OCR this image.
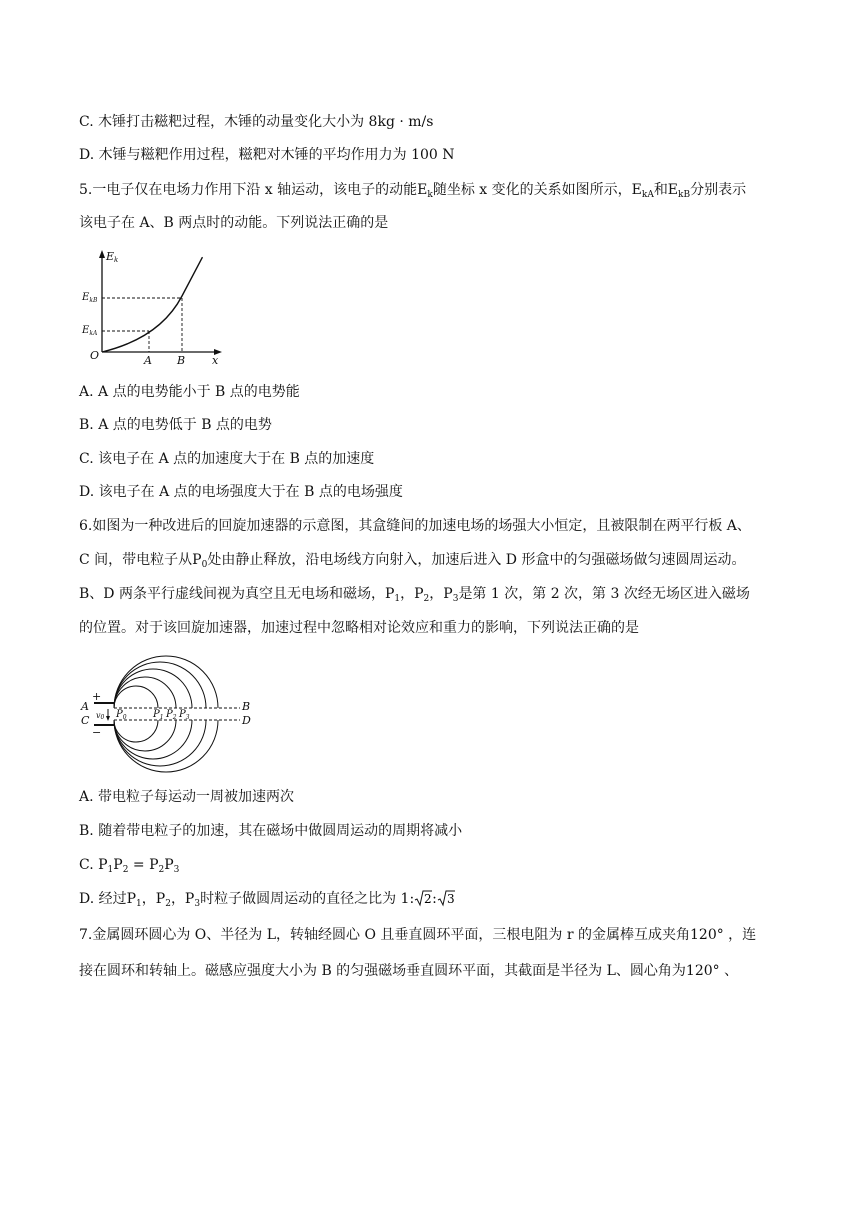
C. 木锤打击糍粑过程，木锤的动量变化大小为 8kg · m/s
D. 木锤与糍粑作用过程，糍粑对木锤的平均作用力为 100 N
5.一电子仅在电场力作用下沿 x 轴运动，该电子的动能$E_k$随坐标 x 变化的关系如图所示，$E_{kA}$和$E_{kB}$分别表示
该电子在 A、B 两点时的动能。下列说法正确的是
Ek
$E_{kB}$
$E_{kA}$
O	A B x
A. A 点的电势能小于 B 点的电势能
B. A 点的电势低于 B 点的电势
C. 该电子在 A 点的加速度大于在 B 点的加速度
D. 该电子在 A 点的电场强度大于在 B 点的电场强度
6.如图为一种改进后的回旋加速器的示意图，其盒缝间的加速电场的场强大小恒定，且被限制在两平行板 A、
C 间，带电粒子从$P_0$处由静止释放，沿电场线方向射入，加速后进入 D 形盒中的匀强磁场做匀速圆周运动。
B、D 两条平行虚线间视为真空且无电场和磁场，$P_1$，$P_2$，$P_3$是第 1 次，第 2 次，第 3 次经无场区进入磁场
的位置。对于该回旋加速器，加速过程中忽略相对论效应和重力的影响，下列说法正确的是
+
−
A
C
B
D
v0 $P_0$	$P_1$ $P_2$ $P_3$
A. 带电粒子每运动一周被加速两次
B. 随着带电粒子的加速，其在磁场中做圆周运动的周期将减小
C. $P_1P_2 = P_2P_3$
D. 经过$P_1$，$P_2$，$P_3$时粒子做圆周运动的直径之比为 1: 2 : 3
7.金属圆环圆心为 O、半径为 L，转轴经圆心 O 且垂直圆环平面，三根电阻为 r 的金属棒互成夹角120° ，连
接在圆环和转轴上。磁感应强度大小为 B 的匀强磁场垂直圆环平面，其截面是半径为 L、圆心角为120° 、
